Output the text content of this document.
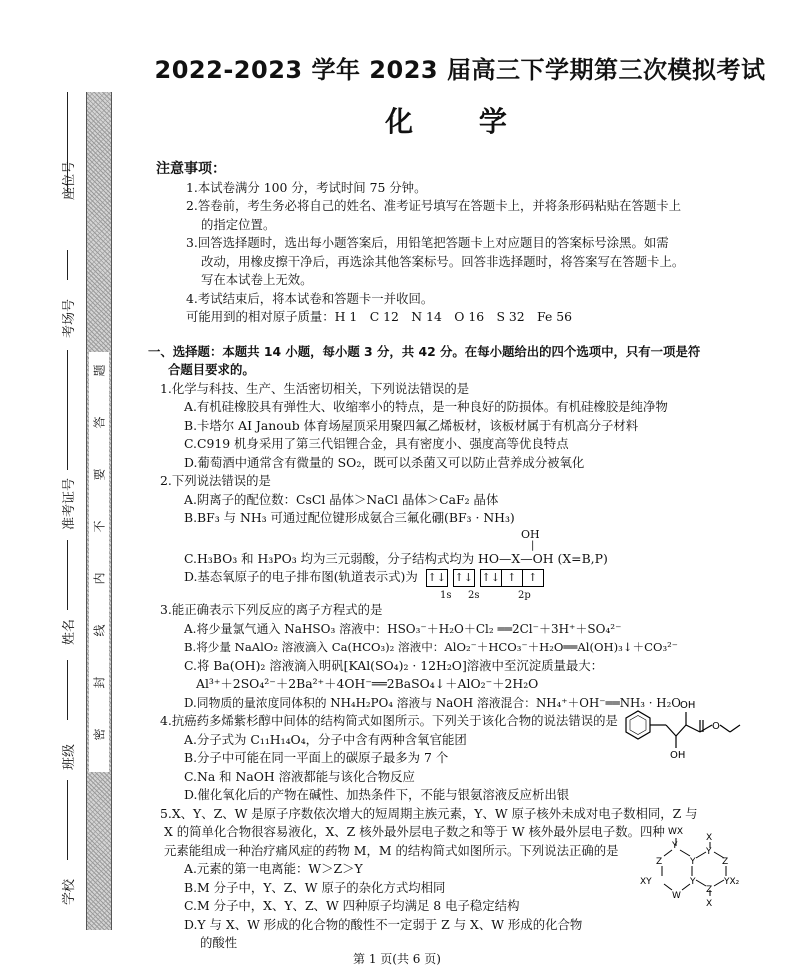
座位号
考场号
准考证号
姓名
班级
学校
题
答
要
不
内
线
封
密
2022-2023 学年 2023 届高三下学期第三次模拟考试
化 学
注意事项：
1.本试卷满分 100 分，考试时间 75 分钟。
2.答卷前，考生务必将自己的姓名、准考证号填写在答题卡上，并将条形码粘贴在答题卡上
的指定位置。
3.回答选择题时，选出每小题答案后，用铅笔把答题卡上对应题目的答案标号涂黑。如需
改动，用橡皮擦干净后，再选涂其他答案标号。回答非选择题时，将答案写在答题卡上。
写在本试卷上无效。
4.考试结束后，将本试卷和答题卡一并收回。
可能用到的相对原子质量：H 1　C 12　N 14　O 16　S 32　Fe 56
一、选择题：本题共 14 小题，每小题 3 分，共 42 分。在每小题给出的四个选项中，只有一项是符
合题目要求的。
1.化学与科技、生产、生活密切相关，下列说法错误的是
A.有机硅橡胶具有弹性大、收缩率小的特点，是一种良好的防损体。有机硅橡胶是纯净物
B.卡塔尔 AI Janoub 体育场屋顶采用聚四氟乙烯板材，该板材属于有机高分子材料
C.C919 机身采用了第三代铝锂合金，具有密度小、强度高等优良特点
D.葡萄酒中通常含有微量的 SO₂，既可以杀菌又可以防止营养成分被氧化
2.下列说法错误的是
A.阴离子的配位数：CsCl 晶体＞NaCl 晶体＞CaF₂ 晶体
B.BF₃ 与 NH₃ 可通过配位键形成氨合三氟化硼(BF₃ · NH₃)
OH
|
C.H₃BO₃ 和 H₃PO₃ 均为三元弱酸，分子结构式均为 HO—X—OH (X=B,P)
D.基态氧原子的电子排布图(轨道表示式)为 ↑↓ ↑↓ ↑↓ ↑	↑
1s 2s	2p
3.能正确表示下列反应的离子方程式的是
A.将少量氯气通入 NaHSO₃ 溶液中：HSO₃⁻＋H₂O＋Cl₂ ══2Cl⁻＋3H⁺＋SO₄²⁻
B.将少量 NaAlO₂ 溶液滴入 Ca(HCO₃)₂ 溶液中：AlO₂⁻＋HCO₃⁻＋H₂O══Al(OH)₃↓＋CO₃²⁻
C.将 Ba(OH)₂ 溶液滴入明矾[KAl(SO₄)₂ · 12H₂O]溶液中至沉淀质量最大：
Al³⁺＋2SO₄²⁻＋2Ba²⁺＋4OH⁻══2BaSO₄↓＋AlO₂⁻＋2H₂O
D.同物质的量浓度同体积的 NH₄H₂PO₄ 溶液与 NaOH 溶液混合：NH₄⁺＋OH⁻══NH₃ · H₂O
4.抗癌药多烯紫杉醇中间体的结构简式如图所示。下列关于该化合物的说法错误的是
A.分子式为 C₁₁H₁₄O₄，分子中含有两种含氧官能团
B.分子中可能在同一平面上的碳原子最多为 7 个
C.Na 和 NaOH 溶液都能与该化合物反应
D.催化氧化后的产物在碱性、加热条件下，不能与银氨溶液反应析出银
5.X、Y、Z、W 是原子序数依次增大的短周期主族元素，Y、W 原子核外未成对电子数相同，Z 与
X 的简单化合物很容易液化，X、Z 核外最外层电子数之和等于 W 核外最外层电子数。四种
元素能组成一种治疗痛风症的药物 M，M 的结构简式如图所示。下列说法正确的是
A.元素的第一电离能：W＞Z＞Y
B.M 分子中，Y、Z、W 原子的杂化方式均相同
C.M 分子中，X、Y、Z、W 四种原子均满足 8 电子稳定结构
D.Y 与 X、W 形成的化合物的酸性不一定弱于 Z 与 X、W 形成的化合物
的酸性
OH
O
OH
WX
X
Z
Y
Y
Y
Z
XY	Y
Z
YX₂
W
X
第 1 页(共 6 页)
